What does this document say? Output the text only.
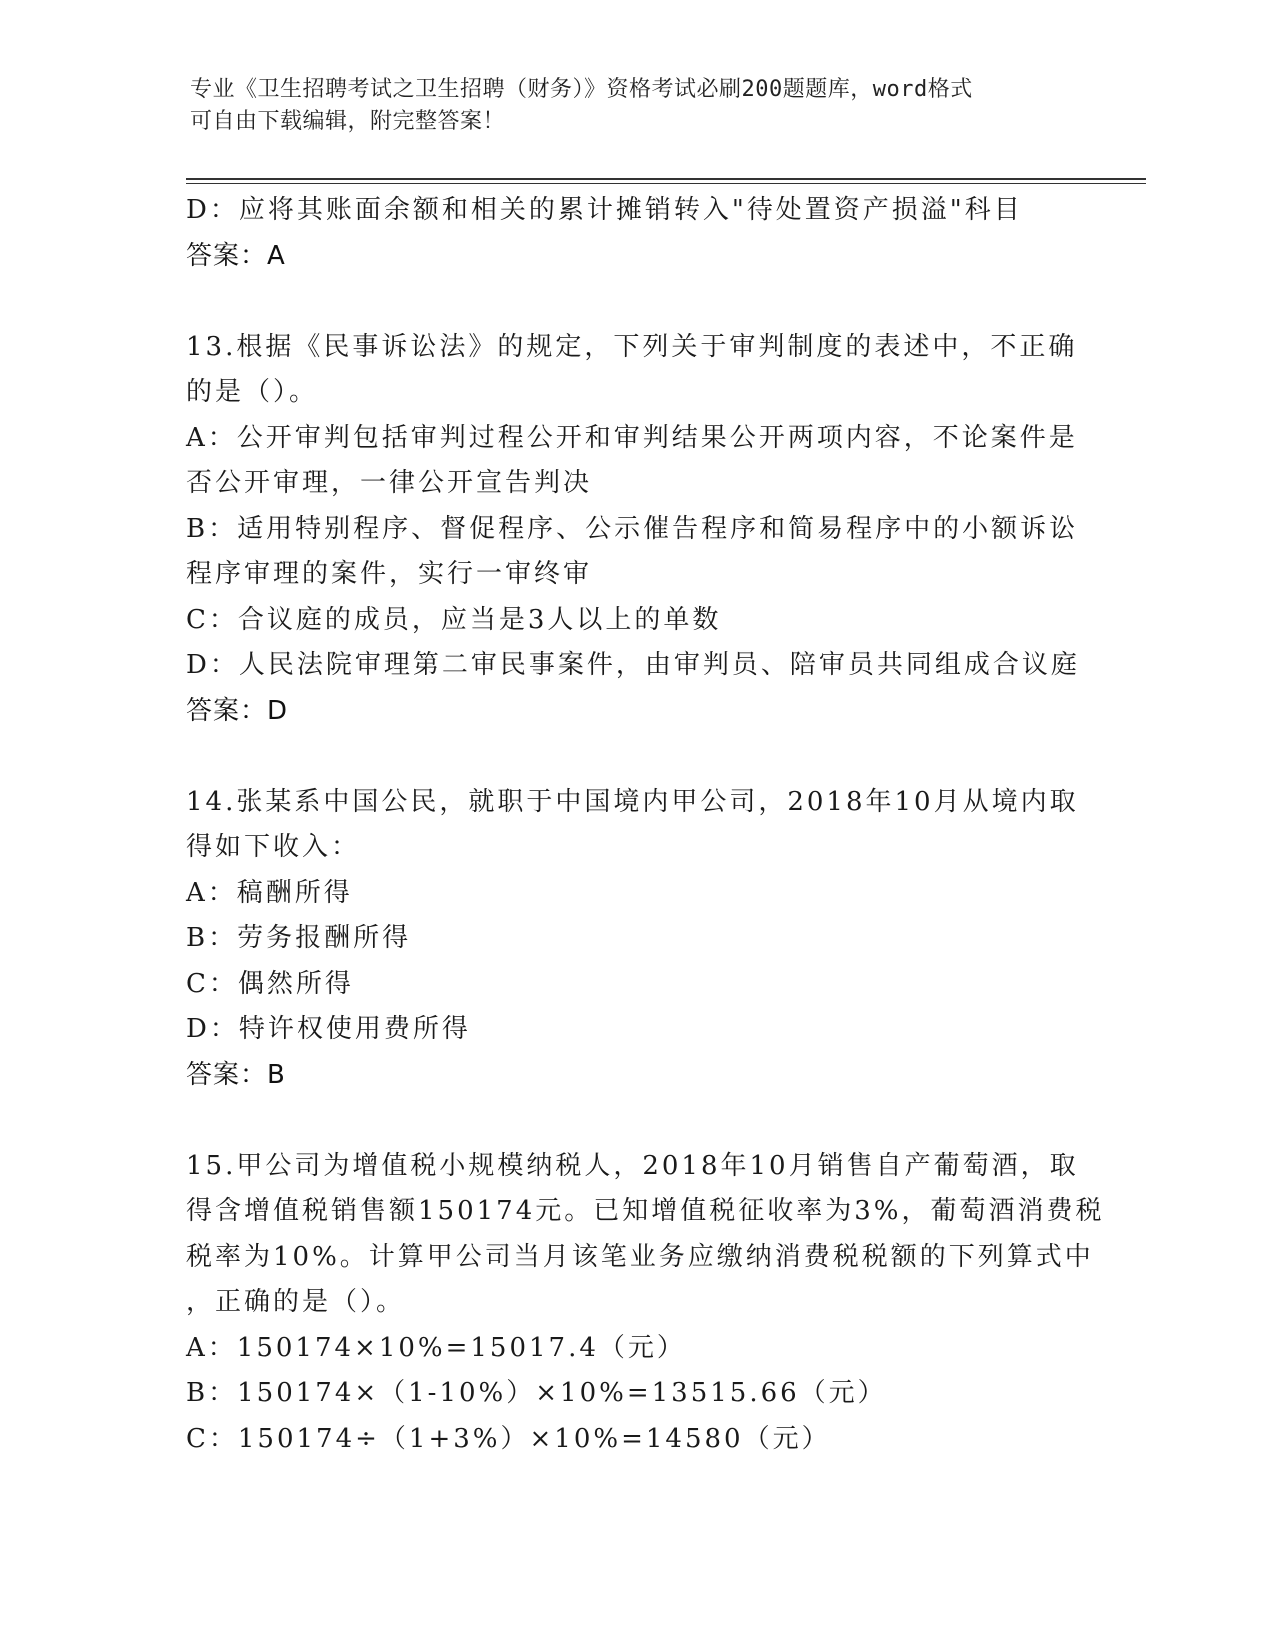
专业《卫生招聘考试之卫生招聘（财务）》资格考试必刷200题题库，word格式
可自由下载编辑，附完整答案！
D：应将其账面余额和相关的累计摊销转入"待处置资产损溢"科目
答案：A
13.根据《民事诉讼法》的规定，下列关于审判制度的表述中，不正确
的是（）。
A：公开审判包括审判过程公开和审判结果公开两项内容，不论案件是
否公开审理，一律公开宣告判决
B：适用特别程序、督促程序、公示催告程序和简易程序中的小额诉讼
程序审理的案件，实行一审终审
C：合议庭的成员，应当是3人以上的单数
D：人民法院审理第二审民事案件，由审判员、陪审员共同组成合议庭
答案：D
14.张某系中国公民，就职于中国境内甲公司，2018年10月从境内取
得如下收入：
A：稿酬所得
B：劳务报酬所得
C：偶然所得
D：特许权使用费所得
答案：B
15.甲公司为增值税小规模纳税人，2018年10月销售自产葡萄酒，取
得含增值税销售额150174元。已知增值税征收率为3%，葡萄酒消费税
税率为10%。计算甲公司当月该笔业务应缴纳消费税税额的下列算式中
，正确的是（）。
A：150174×10%=15017.4（元）
B：150174×（1-10%）×10%=13515.66（元）
C：150174÷（1+3%）×10%=14580（元）
